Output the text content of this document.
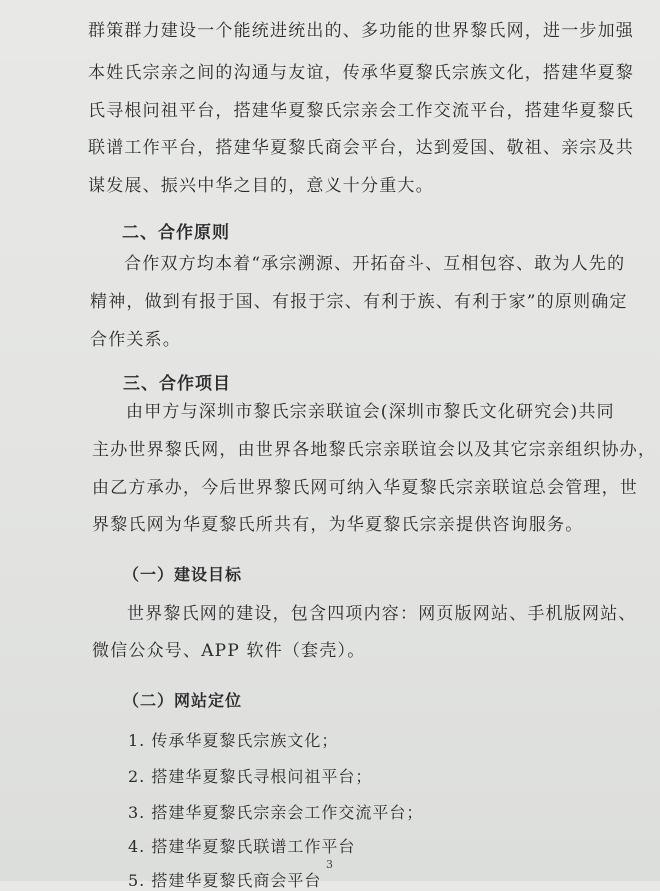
群策群力建设一个能统进统出的、多功能的世界黎氏网，进一步加强
本姓氏宗亲之间的沟通与友谊，传承华夏黎氏宗族文化，搭建华夏黎
氏寻根问祖平台，搭建华夏黎氏宗亲会工作交流平台，搭建华夏黎氏
联谱工作平台，搭建华夏黎氏商会平台，达到爱国、敬祖、亲宗及共
谋发展、振兴中华之目的，意义十分重大。
二、合作原则
合作双方均本着“承宗溯源、开拓奋斗、互相包容、敢为人先的
精神，做到有报于国、有报于宗、有利于族、有利于家”的原则确定
合作关系。
三、合作项目
由甲方与深圳市黎氏宗亲联谊会(深圳市黎氏文化研究会)共同
主办世界黎氏网，由世界各地黎氏宗亲联谊会以及其它宗亲组织协办，
由乙方承办，今后世界黎氏网可纳入华夏黎氏宗亲联谊总会管理，世
界黎氏网为华夏黎氏所共有，为华夏黎氏宗亲提供咨询服务。
（一）建设目标
世界黎氏网的建设，包含四项内容：网页版网站、手机版网站、
微信公众号、APP 软件（套壳）。
（二）网站定位
1. 传承华夏黎氏宗族文化；
2. 搭建华夏黎氏寻根问祖平台；
3. 搭建华夏黎氏宗亲会工作交流平台；
4. 搭建华夏黎氏联谱工作平台
5. 搭建华夏黎氏商会平台
3
